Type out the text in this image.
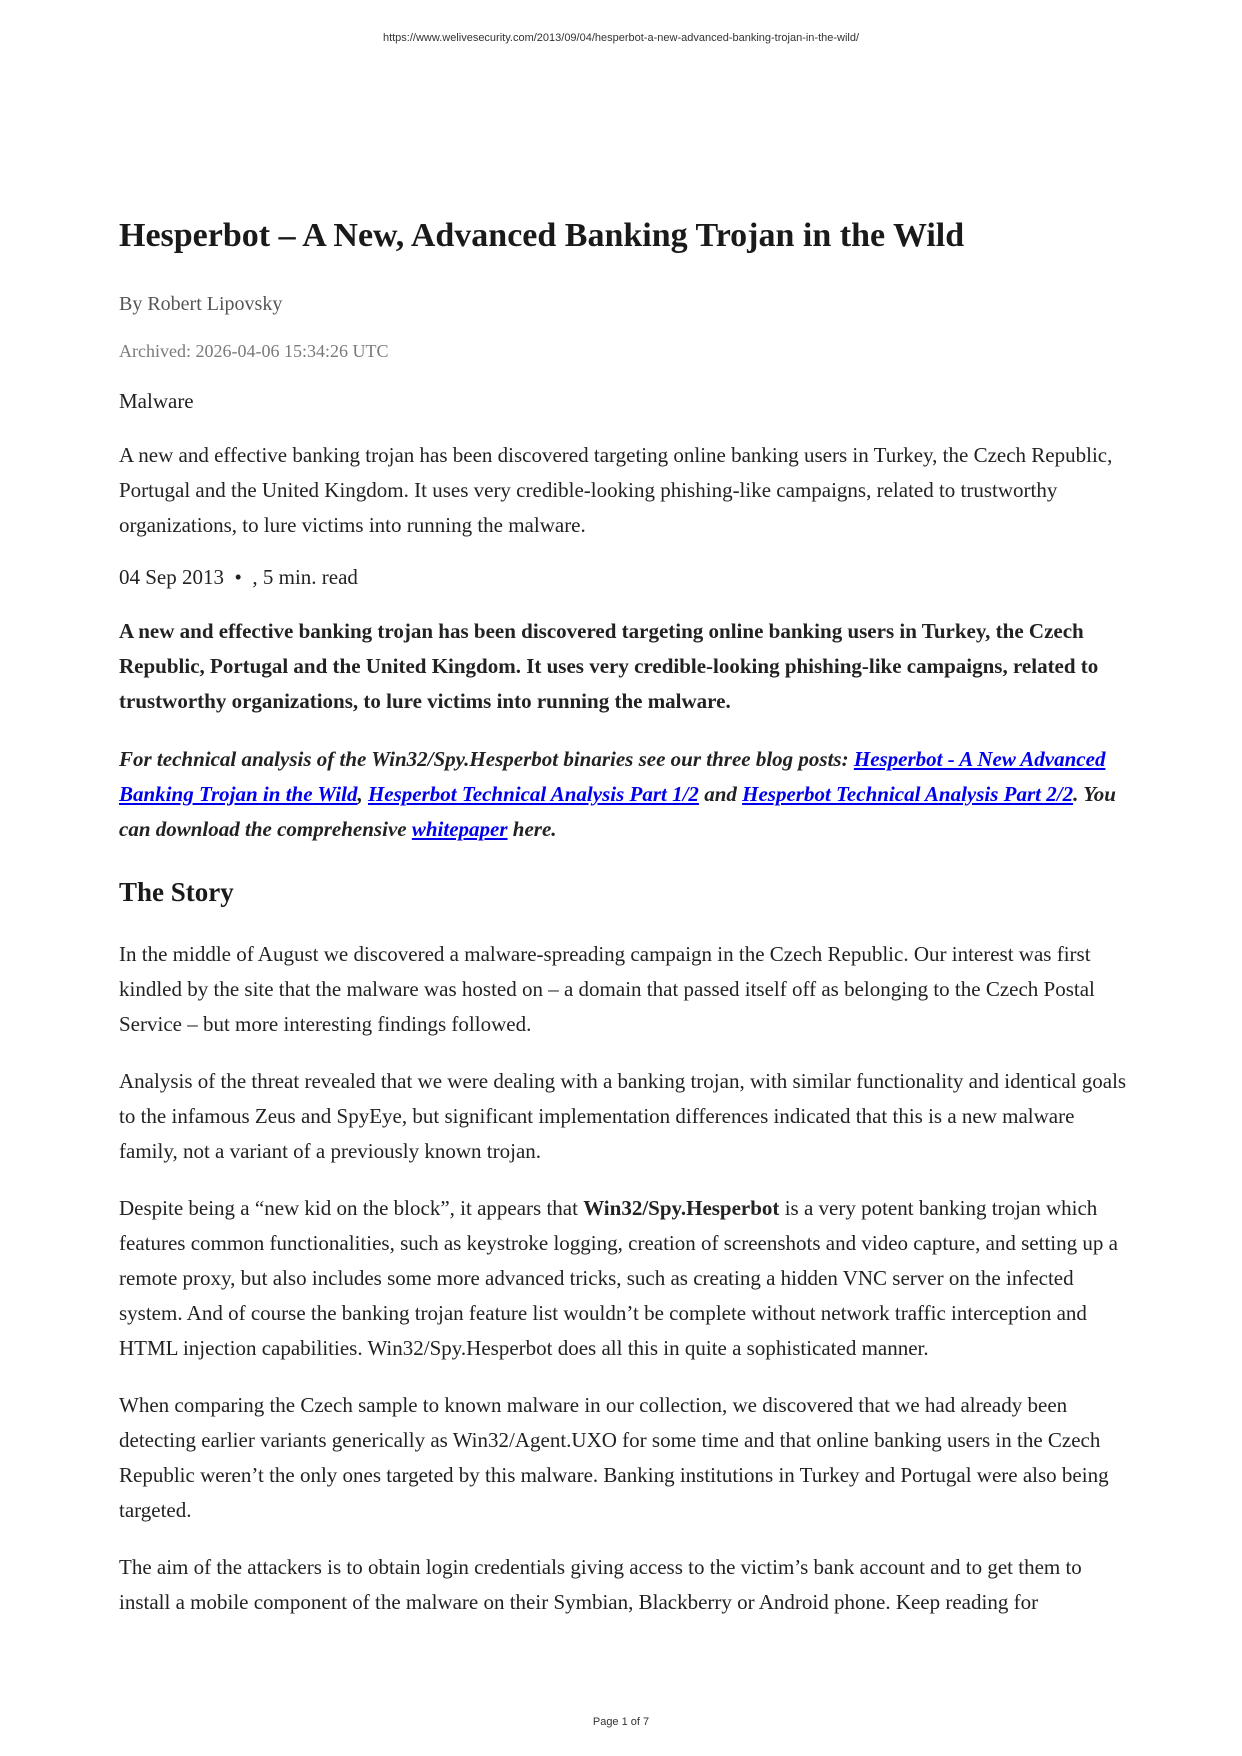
https://www.welivesecurity.com/2013/09/04/hesperbot-a-new-advanced-banking-trojan-in-the-wild/
Hesperbot – A New, Advanced Banking Trojan in the Wild
By Robert Lipovsky
Archived: 2026-04-06 15:34:26 UTC
Malware

A new and effective banking trojan has been discovered targeting online banking users in Turkey, the Czech Republic, Portugal and the United Kingdom. It uses very credible-looking phishing-like campaigns, related to trustworthy organizations, to lure victims into running the malware.

04 Sep 2013 • , 5 min. read

A new and effective banking trojan has been discovered targeting online banking users in Turkey, the Czech Republic, Portugal and the United Kingdom. It uses very credible-looking phishing-like campaigns, related to trustworthy organizations, to lure victims into running the malware.

For technical analysis of the Win32/Spy.Hesperbot binaries see our three blog posts: Hesperbot - A New Advanced Banking Trojan in the Wild, Hesperbot Technical Analysis Part 1/2 and Hesperbot Technical Analysis Part 2/2. You can download the comprehensive whitepaper here.

The Story

In the middle of August we discovered a malware-spreading campaign in the Czech Republic. Our interest was first kindled by the site that the malware was hosted on – a domain that passed itself off as belonging to the Czech Postal Service – but more interesting findings followed.

Analysis of the threat revealed that we were dealing with a banking trojan, with similar functionality and identical goals to the infamous Zeus and SpyEye, but significant implementation differences indicated that this is a new malware family, not a variant of a previously known trojan.

Despite being a “new kid on the block”, it appears that Win32/Spy.Hesperbot is a very potent banking trojan which features common functionalities, such as keystroke logging, creation of screenshots and video capture, and setting up a remote proxy, but also includes some more advanced tricks, such as creating a hidden VNC server on the infected system. And of course the banking trojan feature list wouldn’t be complete without network traffic interception and HTML injection capabilities. Win32/Spy.Hesperbot does all this in quite a sophisticated manner.

When comparing the Czech sample to known malware in our collection, we discovered that we had already been detecting earlier variants generically as Win32/Agent.UXO for some time and that online banking users in the Czech Republic weren’t the only ones targeted by this malware. Banking institutions in Turkey and Portugal were also being targeted.

The aim of the attackers is to obtain login credentials giving access to the victim’s bank account and to get them to install a mobile component of the malware on their Symbian, Blackberry or Android phone. Keep reading for

Page 1 of 7
